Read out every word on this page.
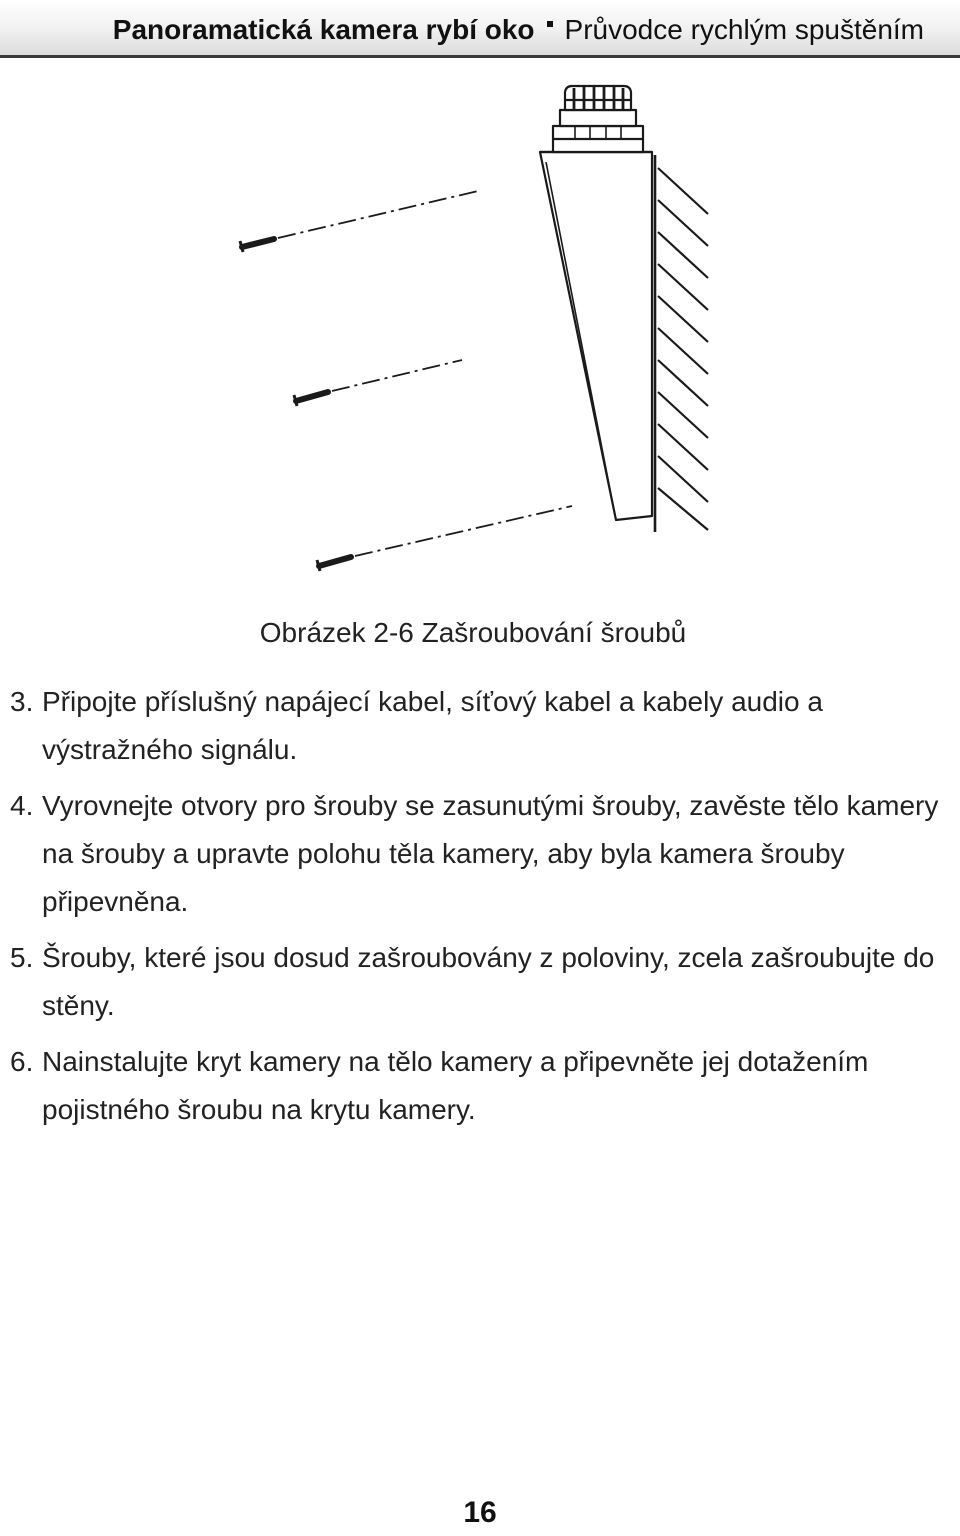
Panoramatická kamera rybí oko Průvodce rychlým spuštěním
Obrázek 2-6 Zašroubování šroubů
3. Připojte příslušný napájecí kabel, síťový kabel a kabely audio a výstražného signálu.
4. Vyrovnejte otvory pro šrouby se zasunutými šrouby, zavěste tělo kamery na šrouby a upravte polohu těla kamery, aby byla kamera šrouby připevněna.
5. Šrouby, které jsou dosud zašroubovány z poloviny, zcela zašroubujte do stěny.
6. Nainstalujte kryt kamery na tělo kamery a připevněte jej dotažením pojistného šroubu na krytu kamery.
16
